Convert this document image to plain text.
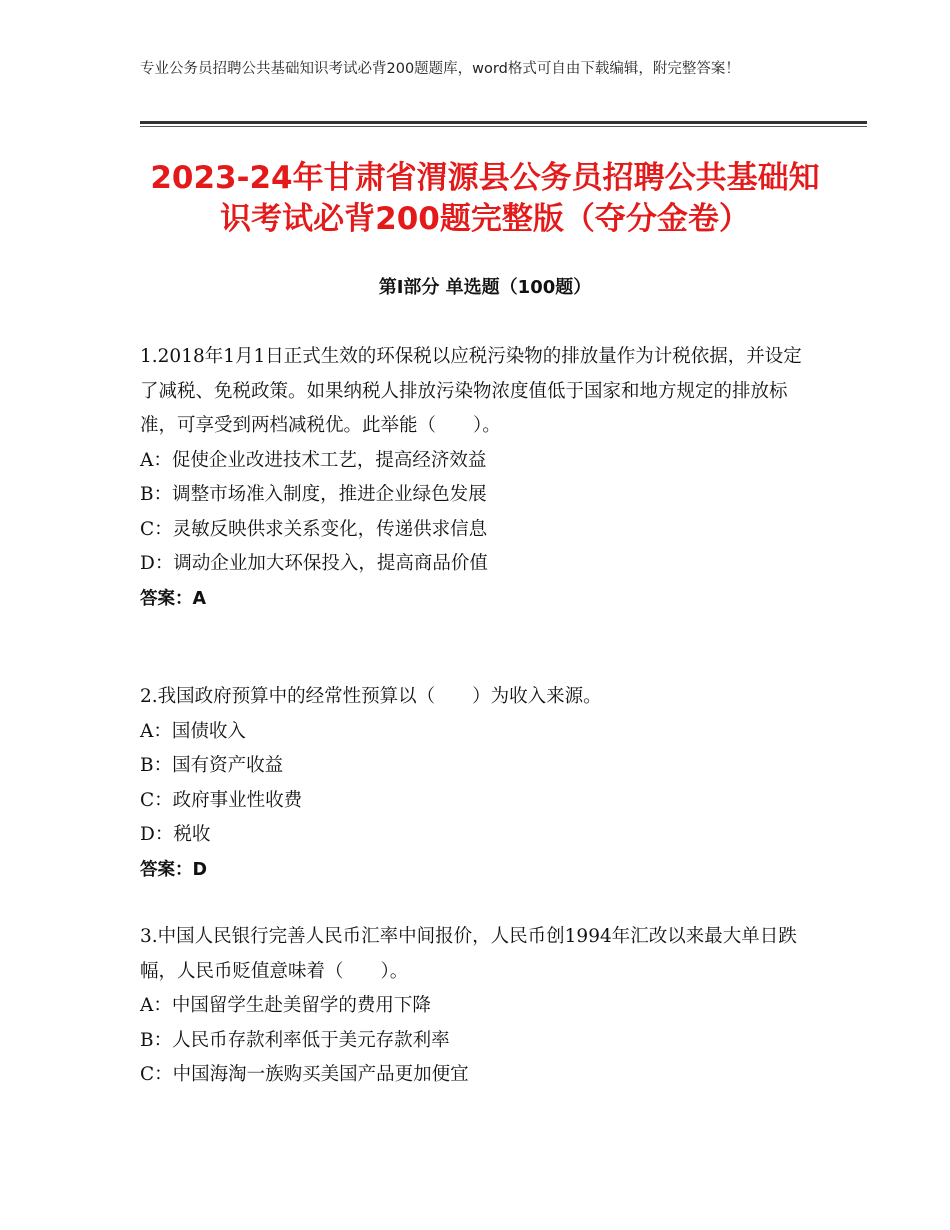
专业公务员招聘公共基础知识考试必背200题题库，word格式可自由下载编辑，附完整答案！
2023-24年甘肃省渭源县公务员招聘公共基础知识考试必背200题完整版（夺分金卷）
第Ⅰ部分 单选题（100题）

1.2018年1月1日正式生效的环保税以应税污染物的排放量作为计税依据，并设定了减税、免税政策。如果纳税人排放污染物浓度值低于国家和地方规定的排放标准，可享受到两档减税优。此举能（　　）。

A：促使企业改进技术工艺，提高经济效益

B：调整市场准入制度，推进企业绿色发展

C：灵敏反映供求关系变化，传递供求信息

D：调动企业加大环保投入，提高商品价值

答案：A

2.我国政府预算中的经常性预算以（　　）为收入来源。

A：国债收入

B：国有资产收益

C：政府事业性收费

D：税收

答案：D

3.中国人民银行完善人民币汇率中间报价，人民币创1994年汇改以来最大单日跌幅，人民币贬值意味着（　　）。

A：中国留学生赴美留学的费用下降

B：人民币存款利率低于美元存款利率

C：中国海淘一族购买美国产品更加便宜
